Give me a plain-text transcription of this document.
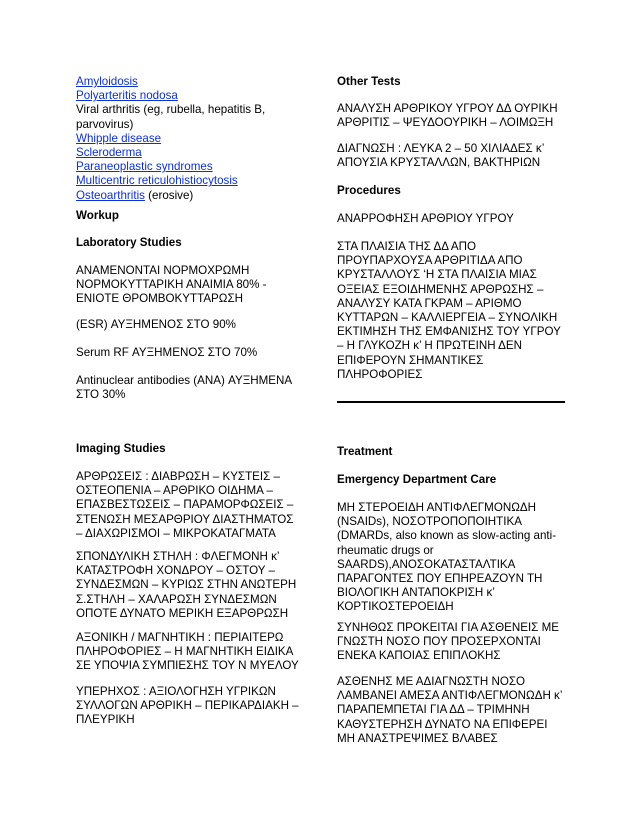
Amyloidosis
Polyarteritis nodosa
Viral arthritis (eg, rubella, hepatitis B, parvovirus)
Whipple disease
Scleroderma
Paraneoplastic syndromes
Multicentric reticulohistiocytosis
Osteoarthritis (erosive)
Workup
Laboratory Studies
ΑΝΑΜΕΝΟΝΤΑΙ ΝΟΡΜΟΧΡΩΜΗ ΝΟΡΜΟΚΥΤΤΑΡΙΚΗ ΑΝΑΙΜΙΑ 80% - ΕΝΙΟΤΕ ΘΡΟΜΒΟΚΥΤΤΑΡΩΣΗ
(ESR) ΑΥΞΗΜΕΝΟΣ ΣΤΟ 90%
Serum RF ΑΥΞΗΜΕΝΟΣ ΣΤΟ 70%
Antinuclear antibodies (ANA) ΑΥΞΗΜΕΝΑ ΣΤΟ 30%
Imaging Studies
ΑΡΘΡΩΣΕΙΣ : ΔΙΑΒΡΩΣΗ – ΚΥΣΤΕΙΣ – ΟΣΤΕΟΠΕΝΙΑ – ΑΡΘΡΙΚΟ ΟΙΔΗΜΑ – ΕΠΑΣΒΕΣΤΩΣΕΙΣ – ΠΑΡΑΜΟΡΦΩΣΕΙΣ – ΣΤΕΝΩΣΗ ΜΕΣΑΡΘΡΙΟΥ ΔΙΑΣΤΗΜΑΤΟΣ – ΔΙΑΧΩΡΙΣΜΟΙ – ΜΙΚΡΟΚΑΤΑΓΜΑΤΑ
ΣΠΟΝΔΥΛΙΚΗ ΣΤΗΛΗ : ΦΛΕΓΜΟΝΗ κ’ ΚΑΤΑΣΤΡΟΦΗ ΧΟΝΔΡΟΥ – ΟΣΤΟΥ – ΣΥΝΔΕΣΜΩΝ – ΚΥΡΙΩΣ ΣΤΗΝ ΑΝΩΤΕΡΗ Σ.ΣΤΗΛΗ – ΧΑΛΑΡΩΣΗ ΣΥΝΔΕΣΜΩΝ ΟΠΟΤΕ ΔΥΝΑΤΟ ΜΕΡΙΚΗ ΕΞΑΡΘΡΩΣΗ
ΑΞΟΝΙΚΗ / ΜΑΓΝΗΤΙΚΗ : ΠΕΡΙΑΙΤΕΡΩ ΠΛΗΡΟΦΟΡΙΕΣ – Η ΜΑΓΝΗΤΙΚΗ ΕΙΔΙΚΑ ΣΕ ΥΠΟΨΙΑ ΣΥΜΠΙΕΣΗΣ ΤΟΥ Ν ΜΥΕΛΟΥ
ΥΠΕΡΗΧΟΣ : ΑΞΙΟΛΟΓΗΣΗ ΥΓΡΙΚΩΝ ΣΥΛΛΟΓΩΝ ΑΡΘΡΙΚΗ – ΠΕΡΙΚΑΡΔΙΑΚΗ – ΠΛΕΥΡΙΚΗ
Other Tests
ΑΝΑΛΥΣΗ ΑΡΘΡΙΚΟΥ ΥΓΡΟΥ ΔΔ ΟΥΡΙΚΗ ΑΡΘΡΙΤΙΣ – ΨΕΥΔΟΟΥΡΙΚΗ – ΛΟΙΜΩΞΗ
ΔΙΑΓΝΩΣΗ : ΛΕΥΚΑ 2 – 50 ΧΙΛΙΑΔΕΣ κ’ ΑΠΟΥΣΙΑ ΚΡΥΣΤΑΛΛΩΝ, ΒΑΚΤΗΡΙΩΝ
Procedures
ΑΝΑΡΡΟΦΗΣΗ ΑΡΘΡΙΟΥ ΥΓΡΟΥ
ΣΤΑ ΠΛΑΙΣΙΑ ΤΗΣ ΔΔ ΑΠΟ ΠΡΟΥΠΑΡΧΟΥΣΑ ΑΡΘΡΙΤΙΔΑ ΑΠΟ ΚΡΥΣΤΑΛΛΟΥΣ ‘Η ΣΤΑ ΠΛΑΙΣΙΑ ΜΙΑΣ ΟΞΕΙΑΣ ΕΞΟΙΔΗΜΕΝΗΣ ΑΡΘΡΩΣΗΣ – ΑΝΑΛΥΣΥ ΚΑΤΑ ΓΚΡΑΜ – ΑΡΙΘΜΟ ΚΥΤΤΑΡΩΝ – ΚΑΛΛΙΕΡΓΕΙΑ – ΣΥΝΟΛΙΚΗ ΕΚΤΙΜΗΣΗ ΤΗΣ ΕΜΦΑΝΙΣΗΣ ΤΟΥ ΥΓΡΟΥ – Η ΓΛΥΚΟΖΗ κ’ Η ΠΡΩΤΕΙΝΗ ΔΕΝ ΕΠΙΦΕΡΟΥΝ ΣΗΜΑΝΤΙΚΕΣ ΠΛΗΡΟΦΟΡΙΕΣ
Treatment
Emergency Department Care
ΜΗ ΣΤΕΡΟΕΙΔΗ ΑΝΤΙΦΛΕΓΜΟΝΩΔΗ (NSAIDs), ΝΟΣΟΤΡΟΠΟΠΟΙΗΤΙΚΑ (DMARDs, also known as slow-acting anti-rheumatic drugs or SAARDS),ΑΝΟΣΟΚΑΤΑΣΤΑΛΤΙΚΑ ΠΑΡΑΓΟΝΤΕΣ ΠΟΥ ΕΠΗΡΕΑΖΟΥΝ ΤΗ ΒΙΟΛΟΓΙΚΗ ΑΝΤΑΠΟΚΡΙΣΗ κ’ ΚΟΡΤΙΚΟΣΤΕΡΟΕΙΔΗ
ΣΥΝΗΘΩΣ ΠΡΟΚΕΙΤΑΙ ΓΙΑ ΑΣΘΕΝΕΙΣ ΜΕ ΓΝΩΣΤΗ ΝΟΣΟ ΠΟΥ ΠΡΟΣΕΡΧΟΝΤΑΙ ΕΝΕΚΑ ΚΑΠΟΙΑΣ ΕΠΙΠΛΟΚΗΣ
ΑΣΘΕΝΗΣ ΜΕ ΑΔΙΑΓΝΩΣΤΗ ΝΟΣΟ ΛΑΜΒΑΝΕΙ ΑΜΕΣΑ ΑΝΤΙΦΛΕΓΜΟΝΩΔΗ κ’ ΠΑΡΑΠΕΜΠΕΤΑΙ ΓΙΑ ΔΔ – ΤΡΙΜΗΝΗ ΚΑΘΥΣΤΕΡΗΣΗ ΔΥΝΑΤΟ ΝΑ ΕΠΙΦΕΡΕΙ ΜΗ ΑΝΑΣΤΡΕΨΙΜΕΣ ΒΛΑΒΕΣ
